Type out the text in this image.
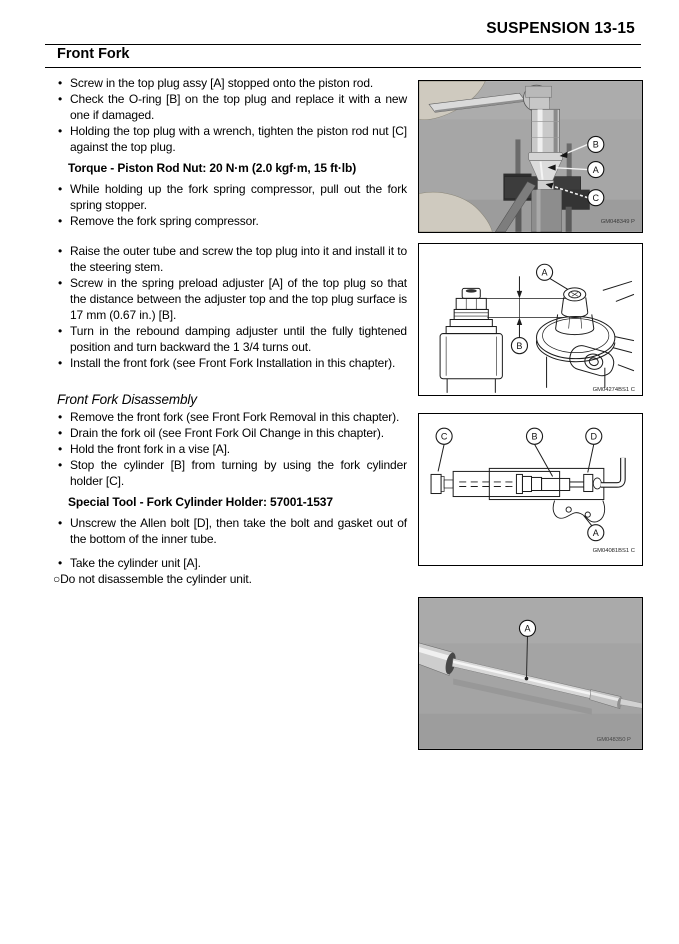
SUSPENSION 13-15
Front Fork
• Screw in the top plug assy [A] stopped onto the piston rod.
• Check the O-ring [B] on the top plug and replace it with a new one if damaged.
• Holding the top plug with a wrench, tighten the piston rod nut [C] against the top plug.

Torque - Piston Rod Nut: 20 N·m (2.0 kgf·m, 15 ft·lb)

• While holding up the fork spring compressor, pull out the fork spring stopper.
• Remove the fork spring compressor.
• Raise the outer tube and screw the top plug into it and install it to the steering stem.
• Screw in the spring preload adjuster [A] of the top plug so that the distance between the adjuster top and the top plug surface is 17 mm (0.67 in.) [B].
• Turn in the rebound damping adjuster until the fully tightened position and turn backward the 1 3/4 turns out.
• Install the front fork (see Front Fork Installation in this chapter).
Front Fork Disassembly
• Remove the front fork (see Front Fork Removal in this chapter).
• Drain the fork oil (see Front Fork Oil Change in this chapter).
• Hold the front fork in a vise [A].
• Stop the cylinder [B] from turning by using the fork cylinder holder [C].

Special Tool - Fork Cylinder Holder: 57001-1537

• Unscrew the Allen bolt [D], then take the bolt and gasket out of the bottom of the inner tube.
• Take the cylinder unit [A].
○Do not disassemble the cylinder unit.
B
A
C
GM048349 P
A
B
GM04274BS1 C
C	B	D
A
GM04081BS1 C
A
GM048350 P
